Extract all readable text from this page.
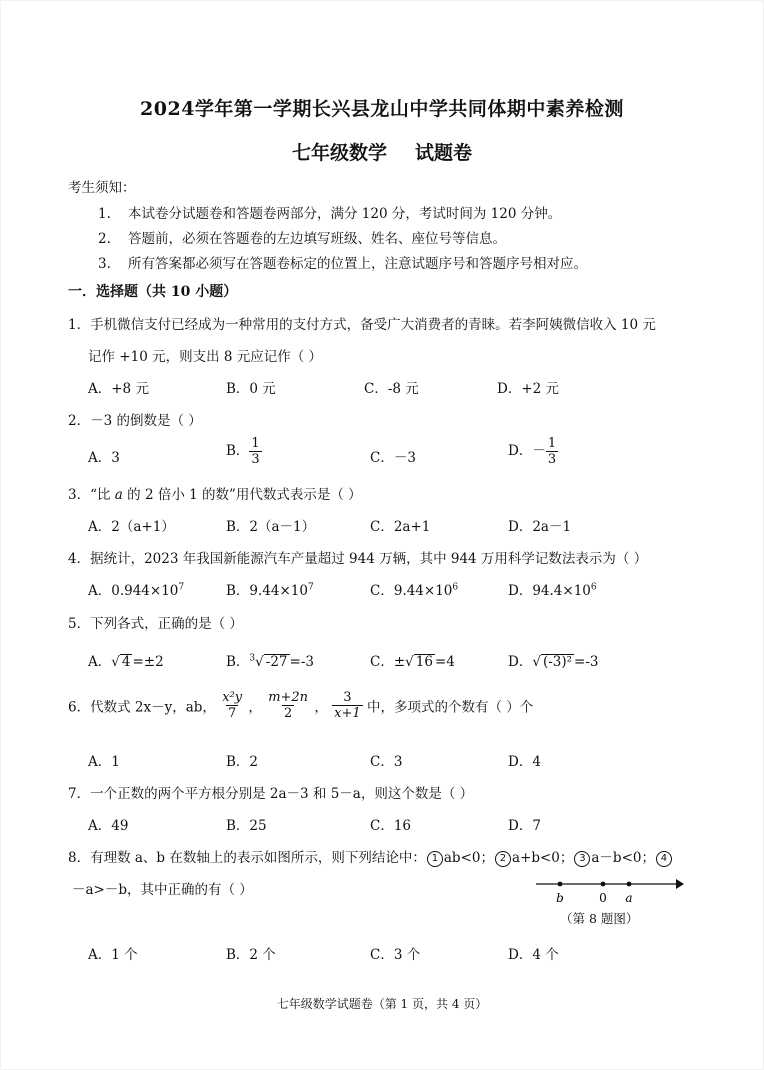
2024学年第一学期长兴县龙山中学共同体期中素养检测
七年级数学 试题卷
考生须知：
1. 本试卷分试题卷和答题卷两部分，满分 120 分，考试时间为 120 分钟。
2. 答题前，必须在答题卷的左边填写班级、姓名、座位号等信息。
3. 所有答案都必须写在答题卷标定的位置上，注意试题序号和答题序号相对应。
一．选择题（共 10 小题）
1．手机微信支付已经成为一种常用的支付方式，备受广大消费者的青睐。若李阿姨微信收入 10 元
记作 +10 元，则支出 8 元应记作（ ）
A．+8 元	B．0 元	C．-8 元	D．+2 元
2．－3 的倒数是（ ）
A．3	B． $\frac{1}{3}$	C．－3	D．－ $\frac{1}{3}$
3．“比 a 的 2 倍小 1 的数”用代数式表示是（ ）
A．2（a+1）	B．2（a－1）	C．2a+1	D．2a－1
4．据统计，2023 年我国新能源汽车产量超过 944 万辆，其中 944 万用科学记数法表示为（ ）
A．$0.944\times 10^7$	B．$9.44\times 10^7$	C．$9.44\times 10^6$	D．$94.4\times 10^6$
5．下列各式，正确的是（ ）
A．√ 4 =±2	B．$^3$√ -27 =-3	C．±√ 16 =4	D．√ (-3)² =-3
6．代数式 2x－y，ab， $\frac{\text{x²y}}{7}$ ， $\frac{m+2n}{2}$ ， $\frac{3}{x+1}$ 中，多项式的个数有（ ）个
A．1	B．2	C．3	D．4
7．一个正数的两个平方根分别是 2a－3 和 5－a，则这个数是（ ）
A．49	B．25	C．16	D．7
8．有理数 a、b 在数轴上的表示如图所示，则下列结论中： 1 ab<0； 2 a+b<0； 3 a－b<0； 4
－a>－b，其中正确的有（ ）	b	0 a
（第 8 题图）
A．1 个	B．2 个	C．3 个	D．4 个
七年级数学试题卷（第 1 页，共 4 页）
